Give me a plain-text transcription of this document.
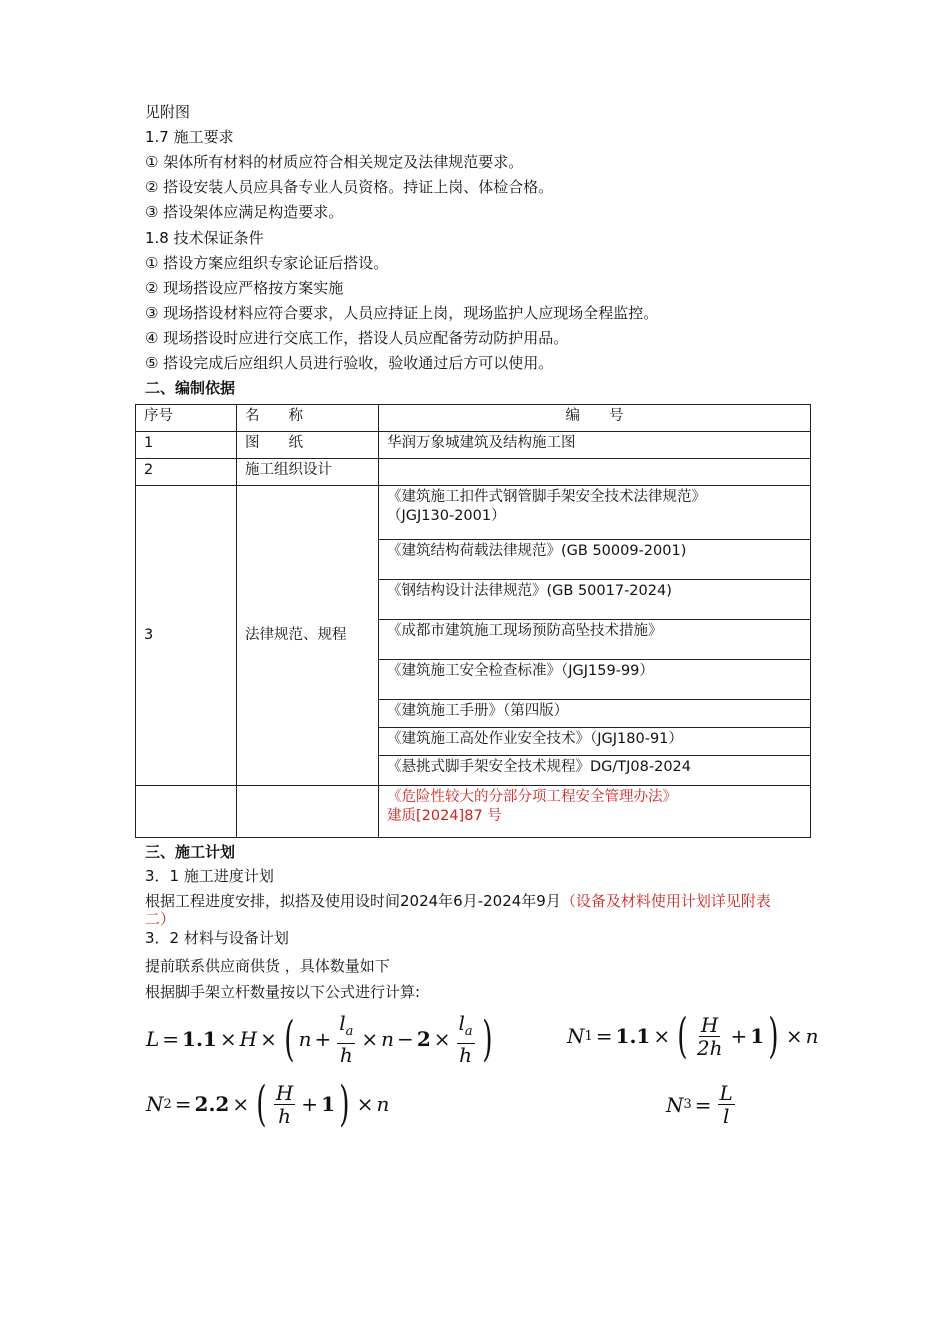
见附图
1.7 施工要求
① 架体所有材料的材质应符合相关规定及法律规范要求。
② 搭设安装人员应具备专业人员资格。持证上岗、体检合格。
③ 搭设架体应满足构造要求。
1.8 技术保证条件
① 搭设方案应组织专家论证后搭设。
② 现场搭设应严格按方案实施
③ 现场搭设材料应符合要求，人员应持证上岗，现场监护人应现场全程监控。
④ 现场搭设时应进行交底工作，搭设人员应配备劳动防护用品。
⑤ 搭设完成后应组织人员进行验收，验收通过后方可以使用。
二、编制依据
序号	名　　称	编　　号
1	图　　纸	华润万象城建筑及结构施工图
2	施工组织设计	
3	法律规范、规程	《建筑施工扣件式钢管脚手架安全技术法律规范》
（JGJ130-2001）
		《建筑结构荷载法律规范》(GB 50009-2001)
		《钢结构设计法律规范》(GB 50017-2024)
		《成都市建筑施工现场预防高坠技术措施》
		《建筑施工安全检查标准》（JGJ159-99）
		《建筑施工手册》（第四版）
		《建筑施工高处作业安全技术》（JGJ180-91）
		《悬挑式脚手架安全技术规程》DG/TJ08-2024
		《危险性较大的分部分项工程安全管理办法》
建质[2024]87 号
三、施工计划
3．1 施工进度计划
根据工程进度安排，拟搭及使用设时间2024年6月-2024年9月（设备及材料使用计划详见附表
二）
3．2 材料与设备计划
提前联系供应商供货 ，具体数量如下
根据脚手架立杆数量按以下公式进行计算:
L = 1.1 × H × ( $n + \frac{l_a}{h} \times n - 2 \times \frac{l_a}{h}$ )	N 1 = 1.1 × ( $\frac{H}{2h} + 1$ ) × n
N 2 = 2.2 × ( $\frac{H}{h} + 1$ ) × n	N $3 = \frac{L}{l}$
